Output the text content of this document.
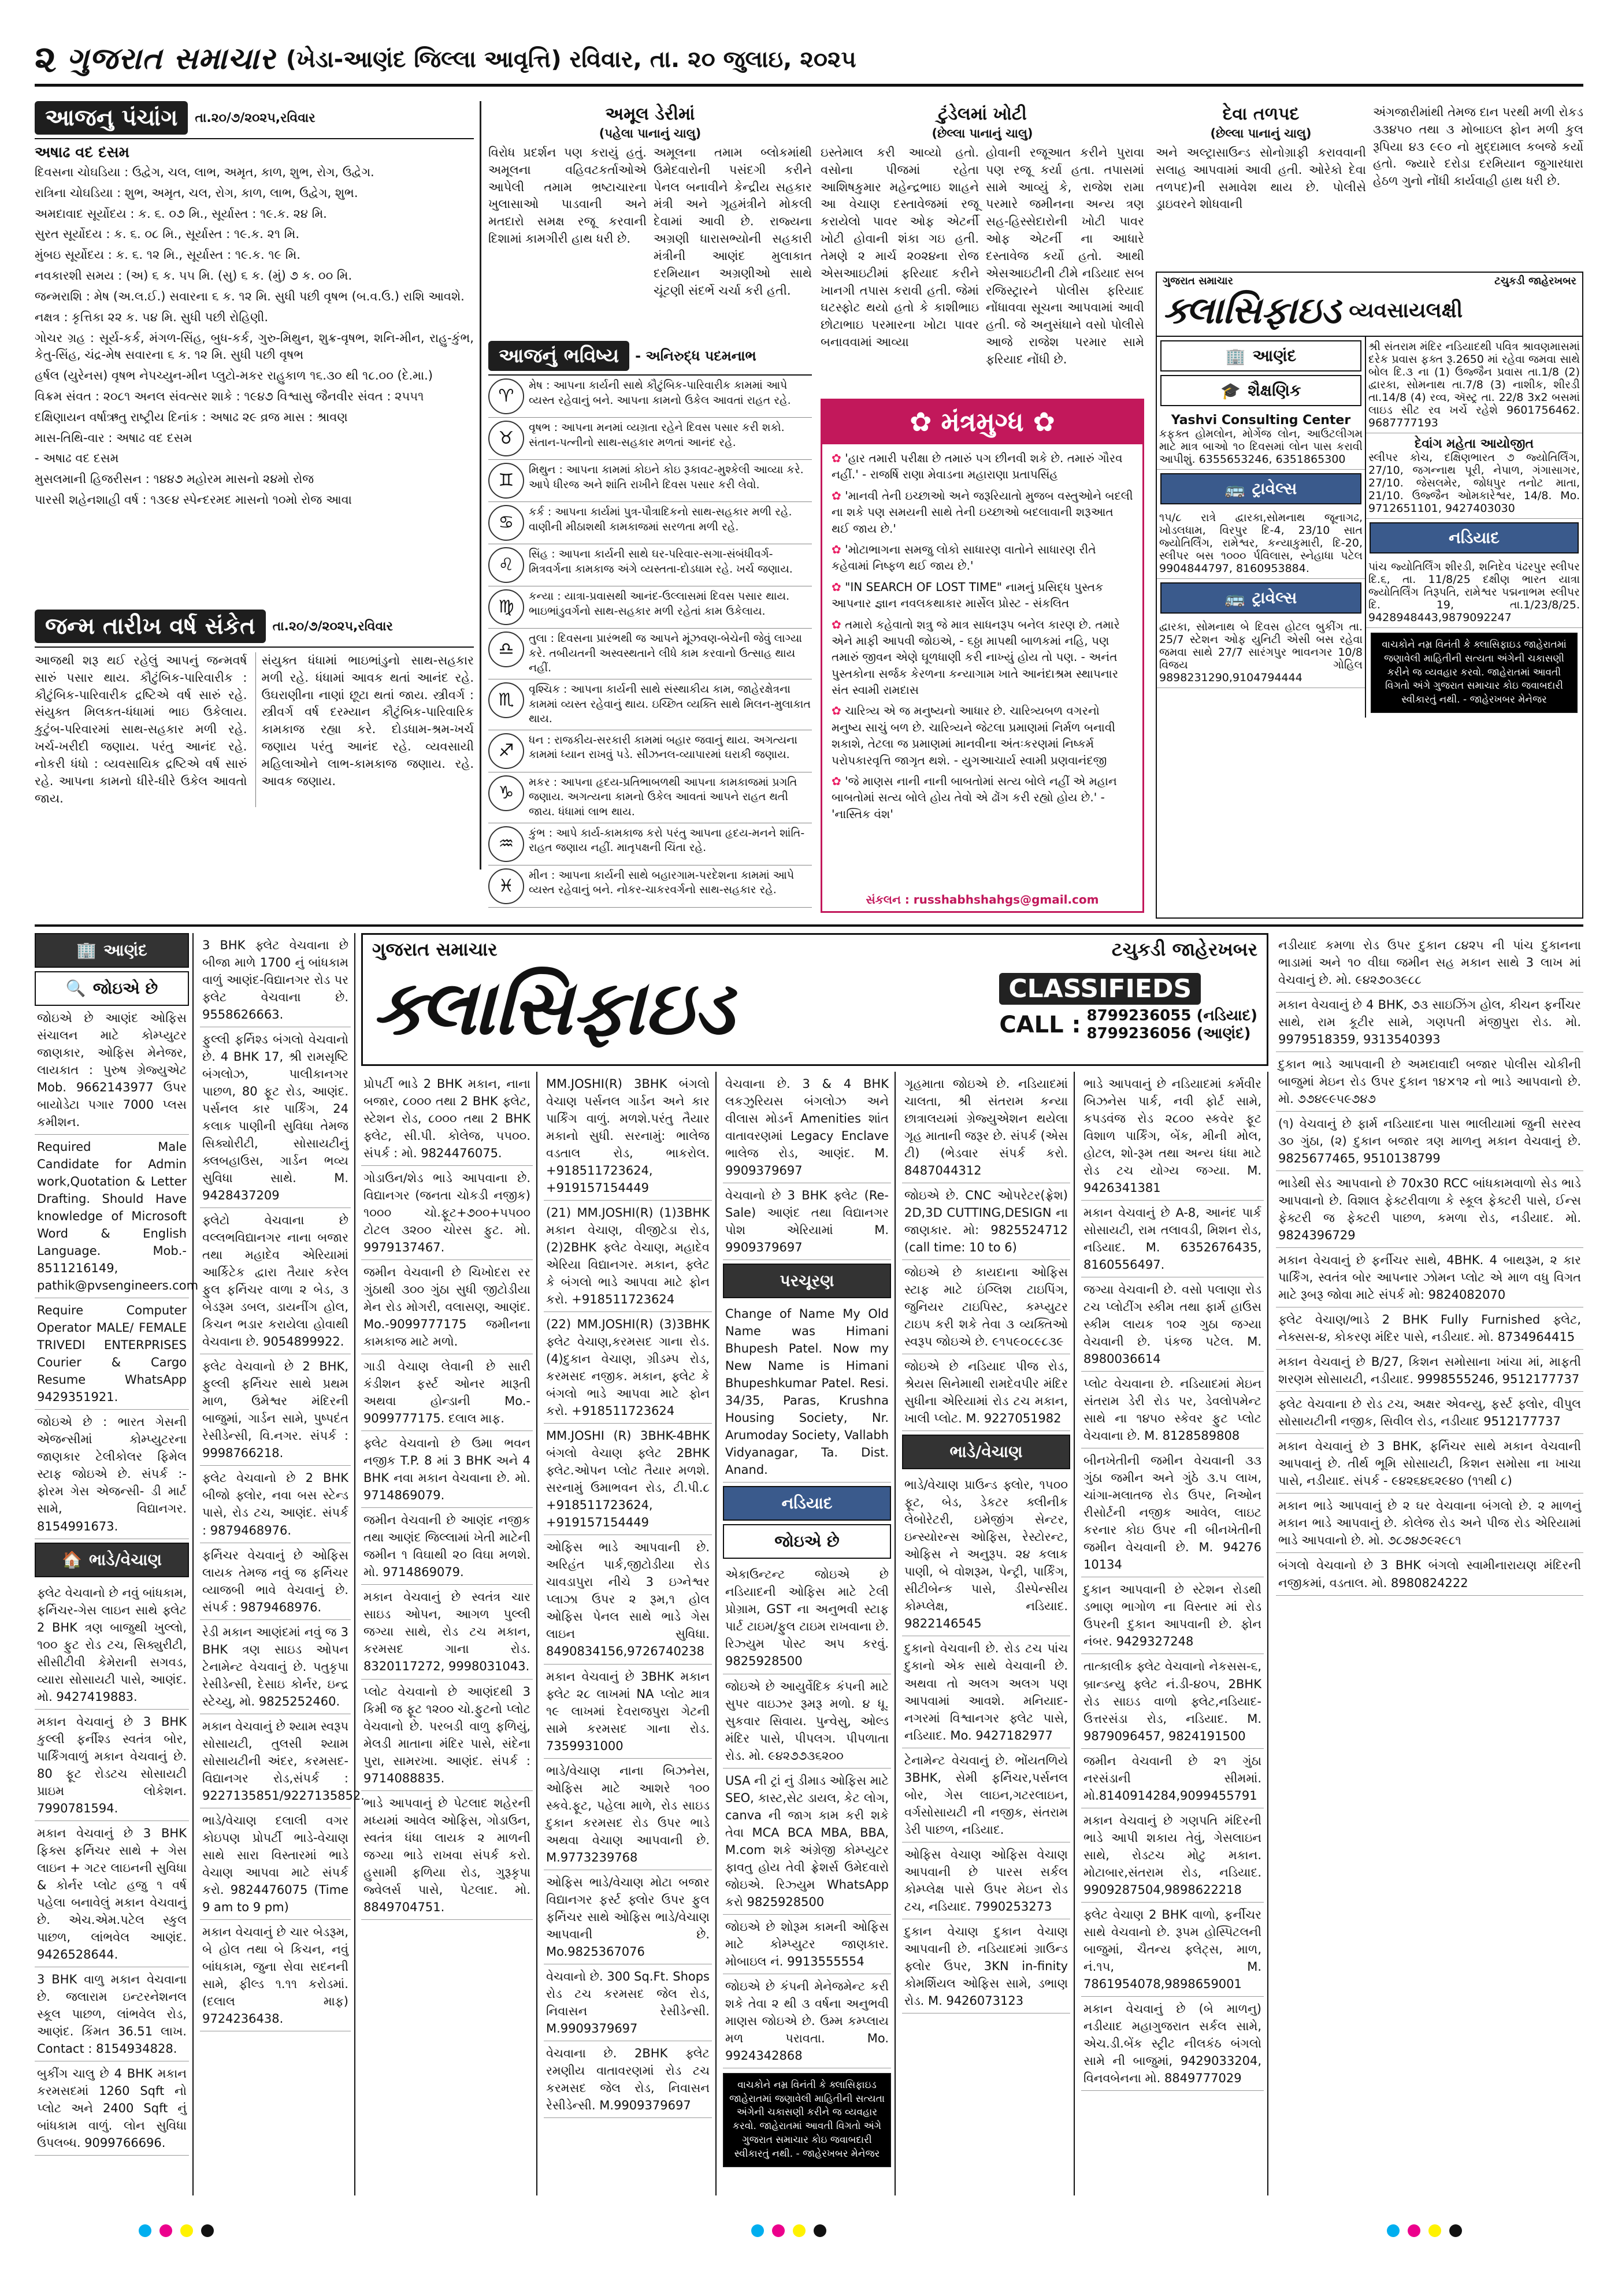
૨ ગુજરાત સમાચાર (ખેડા-આણંદ જિલ્લા આવૃત્તિ) રવિવાર, તા. ૨૦ જુલાઇ, ૨૦૨૫
આજનુ પંચાંગ	તા.૨૦/૭/૨૦૨૫,રવિવાર
અષાઢ વદ દસમ

દિવસના ચોઘડિયા : ઉદ્વેગ, ચલ, લાભ, અમૃત, કાળ, શુભ, રોગ, ઉદ્વેગ.

રાત્રિના ચોઘડિયા : શુભ, અમૃત, ચલ, રોગ, કાળ, લાભ, ઉદ્વેગ, શુભ.

અમદાવાદ સૂર્યોદય : ક. ૬. ૦૭ મિ., સૂર્યાસ્ત : ૧૯.ક. ૨૪ મિ.

સુરત સૂર્યોદય : ક. ૬. ૦૮ મિ., સૂર્યાસ્ત : ૧૯.ક. ૨૧ મિ.

મુંબઇ સૂર્યોદય : ક. ૬. ૧૨ મિ., સૂર્યાસ્ત : ૧૯.ક. ૧૯ મિ.

નવકારશી સમય : (અ) ૬ ક. ૫૫ મિ. (સુ) ૬ ક. (મું) ૭ ક. ૦૦ મિ.

જન્મરાશિ : મેષ (અ.લ.ઈ.) સવારના ૬ ક. ૧૨ મિ. સુધી પછી વૃષભ (બ.વ.ઉ.) રાશિ આવશે.

નક્ષત્ર : કૃત્તિકા ૨૨ ક. ૫૪ મિ. સુધી પછી રોહિણી.

ગોચર ગ્રહ : સૂર્ય-કર્ક, મંગળ-સિંહ, બુધ-કર્ક, ગુરુ-મિથુન, શુક્ર-વૃષભ, શનિ-મીન, રાહુ-કુંભ, કેતુ-સિંહ, ચંદ્ર-મેષ સવારના ૬ ક. ૧૨ મિ. સુધી પછી વૃષભ

હર્ષલ (યુરેનસ) વૃષભ નેપચ્યુન-મીન પ્લુટો-મકર રાહુકાળ ૧૬.૩૦ થી ૧૮.૦૦ (દે.મા.)

વિક્રમ સંવત : ૨૦૮૧ અનલ સંવત્સર શાકે : ૧૯૪૭ વિશ્વાસુ જૈનવીર સંવત : ૨૫૫૧

દક્ષિણાયન વર્ષાઋતુ રાષ્ટ્રીય દિનાંક : અષાઢ ૨૯ વ્રજ માસ : શ્રાવણ

માસ-તિથિ-વાર : અષાઢ વદ દસમ

- અષાઢ વદ દસમ

મુસલમાની હિજરીસન : ૧૪૪૭ મહોરમ માસનો ૨૪મો રોજ

પારસી શહેનશાહી વર્ષ : ૧૩૯૪ સ્પેન્દરમદ માસનો ૧૦મો રોજ આવા

જન્મ તારીખ વર્ષ સંકેત	તા.૨૦/૭/૨૦૨૫,રવિવાર
આજથી શરૂ થઈ રહેલું આપનું જન્મવર્ષ સારું પસાર થાય. કૌટુંબિક-પારિવારીક : કૌટુંબિક-પારિવારીક દ્રષ્ટિએ વર્ષ સારું રહે. સંયુક્ત મિલકત-ધંધામાં ભાઇ ઉકેલાય. કુટુંબ-પરિવારમાં સાથ-સહકાર મળી રહે. ખર્ચ-ખરીદી જણાય. પરંતુ આનંદ રહે. નોકરી ધંધો : વ્યવસાયિક દ્રષ્ટિએ વર્ષ સારું રહે. આપના કામનો ધીરે-ધીરે ઉકેલ આવતો જાય.
સંયુક્ત ધંધામાં ભાઇભાંડુનો સાથ-સહકાર મળી રહે. ધંધામાં આવક થતાં આનંદ રહે. ઉઘરાણીના નાણાં છૂટા થતાં જાય. સ્ત્રીવર્ગ : સ્ત્રીવર્ગ વર્ષ દરમ્યાન કૌટુંબિક-પારિવારિક કામકાજ રહ્યા કરે. દોડધામ-શ્રમ-ખર્ચ જણાય પરંતુ આનંદ રહે. વ્યવસાયી મહિલાઓને લાભ-કામકાજ જણાય. રહે. આવક જણાય.
અમૂલ ડેરીમાં
(પહેલા પાનાનું ચાલુ)
વિરોધ પ્રદર્શન પણ કરાયું હતું. અમૂલના વહિવટકર્તાઓએ આપેલી તમામ ભ્રષ્ટાચારના ખુલાસાઓ પાડવાની અને મતદારો સમક્ષ રજૂ કરવાની દિશામાં કામગીરી હાથ ધરી છે.
અમૂલના તમામ બ્લોકમાંથી ઉમેદવારોની પસંદગી કરીને પેનલ બનાવીને કેન્દ્રીય સહકાર મંત્રી અને ગૃહમંત્રીને મોકલી દેવામાં આવી છે. રાજ્યના અગ્રણી ધારાસભ્યોની સહકારી મંત્રીની આણંદ મુલાકાત દરમિયાન અગ્રણીઓ સાથે ચૂંટણી સંદર્ભે ચર્ચા કરી હતી.
ટુંડેલમાં ખોટી
(છેલ્લા પાનાનું ચાલુ)
ઇસ્તેમાલ કરી આવ્યો હતો. વસોના પીજમાં રહેતા આશિષકુમાર મહેન્દ્રભાઇ શાહને આ વેચાણ દસ્તાવેજમાં રજૂ કરાયેલો પાવર ઓફ એટર્ની ખોટી હોવાની શંકા ગઇ હતી. તેમણે ૨ માર્ચ ૨૦૨૪ના રોજ એસઆઇટીમાં ફરિયાદ કરીને ખાનગી તપાસ કરાવી હતી. જેમાં ઘટસ્ફોટ થયો હતો કે કાશીભાઇ છોટાભાઇ પરમારના ખોટા પાવર બનાવવામાં આવ્યા
હોવાની રજૂઆત કરીને પુરાવા પણ રજૂ કર્યા હતા. તપાસમાં સામે આવ્યું કે, રાજેશ રામા પરમારે જમીનના અન્ય ત્રણ સહ-હિસ્સેદારોની ખોટી પાવર ઓફ એટર્ની ના આધારે દસ્તાવેજ કર્યો હતો. આથી એસઆઇટીની ટીમે નડિયાદ સબ રજિસ્ટ્રારને પોલીસ ફરિયાદ નોંધાવવા સૂચના આપવામાં આવી હતી. જે અનુસંધાને વસો પોલીસે આજે રાજેશ પરમાર સામે ફરિયાદ નોંધી છે.
દેવા તળપદ
(છેલ્લા પાનાનું ચાલુ)
અને અલ્ટ્રાસાઉન્ડ સોનોગ્રાફી કરાવવાની સલાહ આપવામાં આવી હતી. ઓરેકો દેવા તળપદ)ની સમાવેશ થાય છે. પોલીસે ડ્રાઇવરને શોધવાની
અંગજારીમાંથી તેમજ દાન પરથી મળી રોકડ ૩૩૪૫૦ તથા ૩ મોબાઇલ ફોન મળી કુલ રૂપિયા ૪૩ ૯૯૦ નો મુદ્દામાલ કબજે કર્યો હતો. જ્યારે દરોડા દરમિયાન જુગારધારા હેઠળ ગુનો નોંધી કાર્યવાહી હાથ ધરી છે.
આજનું ભવિષ્ય	- અનિરુદ્ધ પદમનાભ
♈
મેષ : આપના કાર્યની સાથે કૌટુંબિક-પારિવારીક કામમાં આપે વ્યસ્ત રહેવાનું બને. આપના કામનો ઉકેલ આવતાં રાહત રહે.
♉
વૃષભ : આપના મનમાં વ્યગ્રતા રહેને દિવસ પસાર કરી શકો. સંતાન-પત્નીનો સાથ-સહકાર મળતાં આનંદ રહે.
♊
મિથુન : આપના કામમાં કોઇને કોઇ રૂકાવટ-મુશ્કેલી આવ્યા કરે. આપે ધીરજ અને શાંતિ રાખીને દિવસ પસાર કરી લેવો.
♋
કર્ક : આપના કાર્યમાં પુત્ર-પૌત્રાદિકનો સાથ-સહકાર મળી રહે. વાણીની મીઠાશથી કામકાજમાં સરળતા મળી રહે.
♌
સિંહ : આપના કાર્યની સાથે ઘર-પરિવાર-સગા-સંબંધીવર્ગ-મિત્રવર્ગના કામકાજ અંગે વ્યસ્તતા-દોડધામ રહે. ખર્ચ જણાય.
♍
કન્યા : યાત્રા-પ્રવાસથી આનંદ-ઉલ્લાસમાં દિવસ પસાર થાય. ભાઇભાંડુવર્ગનો સાથ-સહકાર મળી રહેતાં કામ ઉકેલાય.
♎
તુલા : દિવસના પ્રારંભથી જ આપને મૂંઝવણ-બેચેની જેવું લાગ્યા કરે. તબીયતની અસ્વસ્થતાને લીધે કામ કરવાનો ઉત્સાહ થાય નહીં.
♏
વૃશ્ચિક : આપના કાર્યની સાથે સંસ્થાકીય કામ, જાહેરક્ષેત્રના કામમાં વ્યસ્ત રહેવાનું થાય. ઇચ્છિત વ્યક્તિ સાથે મિલન-મુલાકાત થાય.
♐
ધન : રાજકીય-સરકારી કામમાં બહાર જવાનું થાય. અગત્યના કામમાં ધ્યાન રાખવું પડે. સીઝનલ-વ્યાપારમાં ઘરાકી જણાય.
♑
મકર : આપના હૃદય-પ્રતિભાબળથી આપના કામકાજમાં પ્રગતિ જણાય. અગત્યના કામનો ઉકેલ આવતાં આપને રાહત થતી જાય. ધંધામાં લાભ થાય.
♒
કુંભ : આપે કાર્ય-કામકાજ કરો પરંતુ આપના હૃદય-મનને શાંતિ-રાહત જણાય નહીં. માતૃપક્ષની ચિંતા રહે.
♓
મીન : આપના કાર્યની સાથે બહારગામ-પરદેશના કામમાં આપે વ્યસ્ત રહેવાનું બને. નોકર-ચાકરવર્ગનો સાથ-સહકાર રહે.
✿ મંત્રમુગ્ધ ✿

✿ 'હાર તમારી પરીક્ષા છે તમારું પગ છીનવી શકે છે. તમારું ગૌરવ નહીં.' - રાજર્ષિ રાણા મેવાડના મહારાણા પ્રતાપસિંહ

✿ 'માનવી તેની ઇચ્છાઓ અને જરૂરિયાતો મુજબ વસ્તુઓને બદલી ના શકે પણ સમયની સાથે તેની ઇચ્છાઓ બદલાવાની શરૂઆત થઈ જાય છે.'

✿ 'મોટાભાગના સમજુ લોકો સાધારણ વાતોને સાધારણ રીતે કહેવામાં નિષ્ફળ થઈ જાય છે.'

✿ "IN SEARCH OF LOST TIME" નામનું પ્રસિદ્ધ પુસ્તક આપનાર જ્ઞાન નવલકથાકાર માર્સેલ પ્રોસ્ટ - સંકલિત

✿ તમારો કહેવાતો શત્રુ જે માત્ર સાધનરૂપ બનેલ કારણ છે. તમારે એને માફી આપવી જોઇએ, - ૬ઠ્ઠા માપથી બાળકમાં નહિ, પણ તમારું જીવન એણે ઘૂળધાણી કરી નાખ્યું હોય તો પણ. - અનંત પુસ્તકોના સર્જક કેરળના કન્યાગામ ખાતે આનંદાશ્રમ સ્થાપનાર સંત સ્વામી રામદાસ

✿ ચારિત્ર્ય એ જ મનુષ્યનો આધાર છે. ચારિત્ર્યબળ વગરનો મનુષ્ય સાચું બળ છે. ચારિત્ર્યને જેટલા પ્રમાણમાં નિર્મળ બનાવી શકાશે, તેટલા જ પ્રમાણમાં માનવીના અંતઃકરણમાં નિષ્કર્મ પરોપકારવૃત્તિ જાગૃત થશે. - યુગઆચાર્ય સ્વામી પ્રણવાનંદજી

✿ 'જે માણસ નાની નાની બાબતોમાં સત્ય બોલે નહીં એ મહાન બાબતોમાં સત્ય બોલે હોય તેવો એ ઢોંગ કરી રહ્યો હોય છે.' - 'નાસ્તિક વંશ'

સંકલન : russhabhshahgs@gmail.com
ગુજરાત સમાચાર	ટચુકડી જાહેરખબર
ક્લાસિફાઇડ વ્યવસાયલક્ષી
🏢 આણંદ
🎓 શૈક્ષણિક
Yashvi Consulting Center
કફક્ત હોમલોન, મોર્ગેજ લોન, આઉટલીગમ માટે માત્ર બાઓ ૧૦ દિવસમાં લોન પાસ કરાવી આપીશું. 6355653246, 6351865300
🚌 ટ્રાવેલ્સ
૧૫/૮ રાત્રે દ્વારકા,સોમનાથ જૂનાગઢ, ખોડલધામ, વિરપુર દિ-4, 23/10 સાત જ્યોતિર્લિંગ, રામેશ્વર, કન્યાકુમારી, દિ-20, સ્લીપર બસ ૧૦૦૦ ર્પવિલાસ, સ્નેહાધા પટેલ 9904844797, 8160953884.
🚌 ટ્રાવેલ્સ
દ્વારકા, સોમનાથ બે દિવસ હોટલ બુકીંગ તા. 25/7 સ્ટેશન ઓફ યુનિટી એસી બસ રહેવા જમવા સાથે 27/7 સારંગપુર ભાવનગર 10/8 વિજય ગોહિલ 9898231290,9104794444
શ્રી સંતરામ મંદિર નડિયાદથી પવિત્ર શ્રાવણમાસમાં દરેક પ્રવાસ ફક્ત રૂ.2650 માં રહેવા જમવા સાથે બોલ દિ.૩ ના (1) ઉજ્જૈન પ્રવાસ તા.1/8 (2) દ્વારકા, સોમનાથ તા.7/8 (3) નાશીક, શીરડી તા.14/8 (4) રવ્વ, ઍસ્ટ્ર તા. 22/8 3x2 બસમાં લાઇડ સીટ રવ ખર્ચે રહેશે 9601756462. 9687777193
દેવાંગ મહેતા આયોજીત
સ્લીપર કોચ, દક્ષિણભારત ૭ જ્યોતિર્લિંગ, 27/10, જગન્નાથ પૂરી, નેપાળ, ગંગાસાગર, 27/10. જેસલમેર, જોધપુર તનોટ માતા, 21/10. ઉજ્જૈન ઓમકારેશ્વર, 14/8. Mo. 9712651101, 9427403030
નડિયાદ
પાંચ જ્યોતિર્લિંગ શીરડી, શનિદેવ પંઢરપુર સ્લીપર દિ.૬, તા. 11/8/25 દક્ષીણ ભારત યાત્રા જ્યોતિર્લિંગ તિરૂપતિ, રામેશ્વર પદ્મનાભમ સ્લીપર દિ. 19, તા.1/23/8/25. 9428948443,9879092247
વાચકોને નમ્ર વિનંતી કે ક્લાસિફાઇડ જાહેરાતમાં જણાવેલી માહિતીની સત્યતા અંગેની ચકાસણી કરીને જ વ્યવહાર કરવો. જાહેરાતમાં આવતી વિગતો અંગે ગુજરાત સમાચાર કોઇ જવાબદારી સ્વીકારતું નથી. - જાહેરખબર મેનેજર
🏢 આણંદ
🔍 જોઇએ છે
જોઇએ છે આણંદ ઓફિસ સંચાલન માટે કોમ્પ્યુટર જાણકાર, ઓફિસ મેનેજર, લાયકાત : પુરુષ ગ્રેજ્યુએટ Mob. 9662143977 ઉપર બાયોડેટા પગાર 7000 પ્લસ કમીશન.
Required Male Candidate for Admin work,Quotation & Letter Drafting. Should Have knowledge of Microsoft Word & English Language. Mob.- 8511216149, pathik@pvsengineers.com
Require Computer Operator MALE/ FEMALE TRIVEDI ENTERPRISES Courier & Cargo Resume WhatsApp 9429351921.
જોઇએ છે : ભારત ગેસની એજન્સીમાં કોમ્પ્યુટરના જાણકાર ટેલીકોલર ફિમેલ સ્ટાફ જોઇએ છે. સંપર્ક :- ફોરમ ગેસ એજન્સી- ડી માર્ટ સામે, વિદ્યાનગર. 8154991673.
🏠 ભાડે/વેચાણ
ફ્લેટ વેચવાનો છે નવું બાંધકામ, ફર્નિચર-ગેસ લાઇન સાથે ફ્લેટ 2 BHK ત્રણ બાજુથી ખુલ્લો, ૧૦૦ ફુટ રોડ ટચ, સિક્યુરીટી, સીસીટીવી કેમેરાની સગવડ, વ્યારા સોસાયટી પાસે, આણંદ. મો. 9427419883.
મકાન વેચવાનું છે 3 BHK કુલ્લી ફર્નીશ્ડ સ્વતંત્ર બોર, પાર્કિંગવાળું મકાન વેચવાનું છે. 80 ફૂટ રોડટચ સોસાયટી પ્રાઇમ લોકેશન. 7990781594.
મકાન વેચવાનું છે 3 BHK ફિક્સ ફર્નિચર સાથે + ગેસ લાઇન + ગટર લાઇનની સુવિધા & કોર્નર પ્લોટ હજુ ૧ વર્ષ પહેલા બનાવેલું મકાન વેચવાનું છે. એચ.એમ.પટેલ સ્કુલ પાછળ, લાંભવેલ આણંદ. 9426528644.
3 BHK વાળુ મકાન વેચવાના છે. જલારામ ઇન્ટરનેશનલ સ્કૂલ પાછળ, લાંભવેલ રોડ, આણંદ. કિંમત 36.51 લાખ. Contact : 8154934828.
બુકીંગ ચાલુ છે 4 BHK મકાન કરમસદમાં 1260 Sqft નો પ્લોટ અને 2400 Sqft નું બાંધકામ વાળું. લોન સુવિધા ઉપલબ્ધ. 9099766696.
3 BHK ફ્લેટ વેચવાના છે બીજા માળે 1700 નું બાંધકામ વાળું આણંદ-વિદ્યાનગર રોડ પર ફ્લેટ વેચવાના છે. 9558626663.
ફુલ્લી ફર્નિશ્ડ બંગલો વેચવાનો છે. 4 BHK 17, શ્રી રામસૃષ્ટિ બંગલોઝ, પાલીકાનગર પાછળ, 80 ફૂટ રોડ, આણંદ. પર્સનલ કાર પાર્કિંગ, 24 કલાક પાણીની સુવિધા તેમજ સિક્યોરીટી, સોસાયટીનું ક્લબહાઉસ, ગાર્ડન ભવ્ય સુવિધા સાથે. M. 9428437209
ફ્લેટો વેચવાના છે વલ્લભવિદ્યાનગર નાના બજાર તથા મહાદેવ એરિયામાં આર્કિટેક દ્વારા તૈયાર કરેલ ફુલ ફર્નિચર વાળા ૨ બેડ, ૩ બેડરૂમ ડબલ, ડાયનીંગ હોલ, કિચન ભડાર કરાયેલા હોવાથી વેચવાના છે. 9054899922.
ફ્લેટ વેચવાનો છે 2 BHK, ફુલ્લી ફર્નિચર સાથે પ્રથમ માળ, ઉમેશ્વર મંદિરની બાજુમાં, ગાર્ડન સામે, પુષ્પદંત રેસીડેન્સી, વિ.નગર. સંપર્ક : 9998766218.
ફ્લેટ વેચવાનો છે 2 BHK બીજો ફ્લોર, નવા બસ સ્ટેન્ડ પાસે, રોડ ટચ, આણંદ. સંપર્ક : 9879468976.
ફર્નિચર વેચવાનું છે ઓફિસ લાયક તેમજ નવું જ ફર્નિચર વ્યાજબી ભાવે વેચવાનું છે. સંપર્ક : 9879468976.
રેડી મકાન આણંદમાં નવું જ 3 BHK ત્રણ સાઇડ ઓપન ટેનામેન્ટ વેચવાનું છે. પતુકૃપા રેસીડેન્સી, દેસાઇ કોર્નર, ઇન્દ્ર સ્ટેચ્યુ, મો. 9825252460.
મકાન વેચવાનું છે શ્યામ સ્વરૂપ સોસાયટી, તુલસી શ્યામ સોસાયટીની અંદર, કરમસદ-વિદ્યાનગર રોડ,સંપર્ક : 9227135851/9227135852.
ભાડે/વેચાણ દલાલી વગર કોઇપણ પ્રોપર્ટી ભાડે-વેચાણ સાથે સારા વિસ્તારમાં ભાડે વેચાણ આપવા માટે સંપર્ક કરો. 9824476075 (Time 9 am to 9 pm)
મકાન વેચવાનું છે ચાર બેડરૂમ, બે હોલ તથા બે કિચન, નવું બાંધકામ, જુના સેવા સદનની સામે, ફીલ્ડ ૧.૧૧ કરોડમાં. (દલાલ માફ) 9724236438.
ગુજરાત સમાચાર	ટચુકડી જાહેરખબર
ક્લાસિફાઇડ	CLASSIFIEDS
CALL : 8799236055 (નડિયાદ)
8799236056 (આણંદ)
પ્રોપર્ટી ભાડે 2 BHK મકાન, નાના બજાર, ૮૦૦૦ તથા 2 BHK ફ્લેટ, સ્ટેશન રોડ, ૮૦૦૦ તથા 2 BHK ફ્લેટ, સી.પી. કોલેજ, ૫૫૦૦. સંપર્ક : મો. 9824476075.
ગોડાઉન/શેડ ભાડે આપવાના છે. વિદ્યાનગર (જનતા ચોકડી નજીક) ૧૦૦૦ ચો.ફૂટ+૭૦૦+૫૫૦૦ ટોટલ ૩૨૦૦ ચોરસ ફુટ. મો. 9979137467.
જમીન વેચવાની છે ચિખોદરા રર ગુંઠાથી ૩૦૦ ગુંઠા સુધી જીટોડીયા મેન રોડ મોગરી, વલાસણ, આણંદ. Mo.-9099777175 જમીનના કામકાજ માટે મળો.
ગાડી વેચાણ લેવાની છે સારી કંડીશન ફર્સ્ટ ઓનર મારૂતી અથવા હોન્ડાની Mo.- 9099777175. દલાલ માફ.
ફ્લેટ વેચવાનો છે ઉમા ભવન નજીક T.P. 8 માં 3 BHK અને 4 BHK નવા મકાન વેચવાના છે. મો. 9714869079.
જમીન વેચવાની છે આણંદ નજીક તથા આણંદ જિલ્લામાં ખેતી માટેની જમીન ૧ વિઘાથી ૨૦ વિઘા મળશે. મો. 9714869079.
મકાન વેચવાનું છે સ્વતંત્ર ચાર સાઇડ ઓપન, આગળ પુલ્લી જગ્યા સાથે, રોડ ટચ મકાન, કરમસદ ગાના રોડ. 8320117272, 9998031043.
પ્લોટ વેચવાનો છે આણંદથી 3 કિમી જ ફૂટ ૧૨૦૦ ચો.ફુટનો પ્લોટ વેચવાનો છે. પરબડી વાળુ ફળિયું, મેલડી માતાના મંદિર પાસે, સંદેના પુરા, સામરખા. આણંદ. સંપર્ક : 9714088835.
ભાડે આપવાનું છે પેટલાદ શહેરની મધ્યમાં આવેલ ઓફિસ, ગોડાઉન, સ્વતંત્ર ધંધા લાયક ૨ માળની જગ્યા ભાડે રાખવા સંપર્ક કરો. હુસામી ફળિયા રોડ, ગુરૂકૃપા જ્વેલર્સ પાસે, પેટલાદ. મો. 8849704751.
MM.JOSHI(R) 3BHK બંગલો વેચાણ પર્સનલ ગાર્ડન અને કાર પાર્કિંગ વાળું. મળશે.પરંતુ તૈયાર મકાનો સુધી. સરનામું: ભાલેજ વડતાલ રોડ, ભાકરોલ. +918511723624, +919157154449
(21) MM.JOSHI(R) (1)3BHK મકાન વેચાણ, વીજીટેડા રોડ, (2)2BHK ફ્લેટ વેચાણ, મહાદેવ એરિયા વિદ્યાનગર. મકાન, ફ્લેટ કે બંગલો ભાડે આપવા માટે ફોન કરો. +918511723624
(22) MM.JOSHI(R) (3)3BHK ફ્લેટ વેચાણ,કરમસદ ગાના રોડ.(4)દુકાન વેચાણ, ગ્રીડમ્પ રોડ, કરમસદ નજીક. મકાન, ફ્લેટ કે બંગલો ભાડે આપવા માટે ફોન કરો. +918511723624
MM.JOSHI (R) 3BHK-4BHK બંગલો વેચાણ ફ્લેટ 2BHK ફ્લેટ.ઓપન પ્લોટ તૈયાર મળશે. સરનામું ઉમાભવન રોડ, ટી.પી.૮ +918511723624, +919157154449
ઓફિસ ભાડે આપવાની છે. અરિહંત પાર્ક,જીટોડીયા રોડ ચાવડાપુરા નીચે 3 ઇગ્નેશ્વર પ્લાઝા ઉપર ૨ રૂમ,૧ હોલ ઓફિસ પેનલ સાથે ભાડે ગેસ લાઇન સુવિધા. 8490834156,9726740238
મકાન વેચવાનું છે 3BHK મકાન ફ્લેટ ૨૮ લાખમાં NA પ્લોટ માત્ર ૧૯ લાખમાં દેવરાજપુરા ગેટની સામે કરમસદ ગાના રોડ. 7359931000
ભાડે/વેચાણ નાના બિઝનેસ, ઓફિસ માટે આશરે ૧૦૦ સ્કવે.ફૂટ, પહેલા માળે, રોડ સાઇડ દુકાન કરમસદ રોડ ઉપર ભાડે અથવા વેચાણ આપવાની છે. M.9773239768
ઓફિસ ભાડે/વેચાણ મોટા બજાર વિદ્યાનગર ફર્સ્ટ ફ્લોર ઉપર ફુલ ફર્નિચર સાથે ઓફિસ ભાડે/વેચાણ આપવાની છે. Mo.9825367076
વેચવાનો છે. 300 Sq.Ft. Shops રોડ ટચ કરમસદ જેલ રોડ, નિવાસન રેસીડેન્સી. M.9909379697
વેચવાના છે. 2BHK ફ્લેટ રમણીય વાતાવરણમાં રોડ ટચ કરમસદ જેલ રોડ, નિવાસન રેસીડેન્સી. M.9909379697
વેચવાના છે. 3 & 4 BHK લકઝુરિયસ બંગલોઝ અને વીલાસ મોડર્ન Amenities શાંત વાતાવરણમાં Legacy Enclave ભાલેજ રોડ, આણંદ. M. 9909379697
વેચવાનો છે 3 BHK ફ્લેટ (Re-Sale) આણંદ તથા વિદ્યાનગર પોશ એરિયામાં M. 9909379697
પરચૂરણ
Change of Name My Old Name was Himani Bhupesh Patel. Now my New Name is Himani Bhupeshkumar Patel. Resi. 34/35, Paras, Krushna Housing Society, Nr. Arumoday Society, Vallabh Vidyanagar, Ta. Dist. Anand.
નડિયાદ
જોઇએ છે
એકાઉન્ટન્ટ જોઇએ છે નડિયાદની ઓફિસ માટે ટેલી પ્રોગ્રામ, GST ના અનુભવી સ્ટાફ પાર્ટ ટાઇમ/ફુલ ટાઇમ રાખવાના છે. રિઝ્યુમ પોસ્ટ અપ કરવું. 9825928500
જોઇએ છે આયુર્વેદિક કંપની માટે સુપર વાઇઝર રૂમરૂ મળો. ૪ ધૂ. સુકવાર સિવાય. પુન્વેસુ, ઓલ્ડ મંદિર પાસે, પીપલગ. પીપળાતા રોડ. મો. ૯૪૨૭૭૩૬૨૦૦
USA ની ટ્રાં નું ડીમાડ ઓફિસ માટે SEO, કાસ્ટ,સેટ ડાયલ, કેટ લોગ, canva ની જાગ કામ કરી શકે તેવા MCA BCA MBA, BBA, M.com શકે અંગ્રેજી કોમ્પ્યુટર ફાવતુ હોય તેવી ફ્રેશર્સ ઉમેદવારો જોઇએ. રિઝ્યુમ WhatsApp કરો 9825928500
જોઇએ છે શોરૂમ કામની ઓફિસ માટે કોમ્પ્યુટર જાણકાર. મોબાઇલ નં. 9913555554
જોઇએ છે કંપની મેનેજમેન્ટ કરી શકે તેવા ૨ થી ૩ વર્ષના અનુભવી માણસ જોઇએ છે. ઉમ્મ કમ્પ્લાય મળ પરાવતા. Mo. 9924342868
વાચકોને નમ્ર વિનંતી કે ક્લાસિફાઇડ જાહેરાતમાં જણાવેલી માહિતીની સત્યતા અંગેની ચકાસણી કરીને જ વ્યવહાર કરવો. જાહેરાતમાં આવતી વિગતો અંગે ગુજરાત સમાચાર કોઇ જવાબદારી સ્વીકારતું નથી. - જાહેરખબર મેનેજર
ગૃહમાતા જોઇએ છે. નડિયાદમાં ચાલતા, શ્રી સંતરામ કન્યા છાત્રાલયમાં ગ્રેજ્યુએશન થયેલા ગૃહ માતાની જરૂર છે. સંપર્ક (એસ ટી) (ભેડવાર સંપર્ક કરો. 8487044312
જોઇએ છે. CNC ઓપરેટર(ફ્રેશ) 2D,3D CUTTING,DESIGN ના જાણકાર. મો: 9825524712 (call time: 10 to 6)
જોઇએ છે કાયદાના ઓફિસ સ્ટાફ માટે ઇંગ્લિશ ટાઇપિંગ, જુનિયર ટાઇપિસ્ટ, કમ્પ્યુટર ટાઇપ કરી શકે તેવા ૩ વ્યક્તિઓ સ્વરૂપ જોઇએ છે. ૯૧૫૯૦૮૯૮૩૯
જોઇએ છે નડિયાદ પીજ રોડ, શ્રેયસ સિનેમાથી રામદેવપીર મંદિર સુધીના એરિયામાં રોડ ટચ મકાન, ખાલી પ્લોટ. M. 9227051982
ભાડે/વેચાણ
ભાડે/વેચાણ પ્રાઉન્ડ ફ્લોર, ૧૫૦૦ ફૂટ, બેડ, ડેકટર ક્લીનીક લેબોરેટરી, ઇમેજીંગ સેન્ટર, ઇન્સ્યોરન્સ ઓફિસ, રેસ્ટોરન્ટ, ઓફિસ ને અનુરૂપ. ૨૪ કલાક પાણી, બે વોશરૂમ, પેન્ટ્રી, પાર્કિંગ, સીટીબેન્ક પાસે, ડીસ્પેન્સીય કોમ્પ્લેક્ષ, નડિયાદ. 9822146545
દુકાનો વેચવાની છે. રોડ ટચ પાંચ દુકાનો એક સાથે વેચવાની છે. અથવા તો અલગ અલગ પણ આપવામાં આવશે. મનિયાદ-નગરમાં વિશ્વાનગર ફ્લેટ પાસે, નડિયાદ. Mo. 9427182977
ટેનામેન્ટ વેચવાનું છે. ભોંયતળિયે 3BHK, સેમી ફર્નિચર,પર્સનલ બોર, ગેસ લાઇન,ગટરલાઇન, વર્ગસોસાયટી ની નજીક, સંતરામ ડેરી પાછળ, નડિયાદ.
ઓફિસ વેચાણ ઓફિસ વેચાણ આપવાની છે પારસ સર્કલ કોમ્પ્લેક્ષ પાસે ઉપર મેઇન રોડ ટચ, નડિયાદ. 7990253273
દુકાન વેચાણ દુકાન વેચાણ આપવાની છે. નડિયાદમાં ગ્રાઉન્ડ ફ્લોર ઉપર, 3KN in-finity કોમર્શિયલ ઓફિસ સામે, ડભાણ રોડ. M. 9426073123
ભાડે આપવાનું છે નડિયાદમાં કર્મવીર બિઝનેસ પાર્ક, નવી ફોર્ટ સામે, કપડવંજ રોડ ૨૮૦૦ સ્કવેર ફૂટ વિશાળ પાર્કિંગ, બેંક, મીની મોલ, હોટલ, શો-રૂમ તથા અન્ય ધંધા માટે રોડ ટચ યોગ્ય જગ્યા. M. 9426341381
મકાન વેચવાનું છે A-8, આનંદ પાર્ક સોસાયટી, રામ તલાવડી, મિશન રોડ, નડિયાદ. M. 6352676435, 8160556497.
જગ્યા વેચવાની છે. વસો પલાણા રોડ ટચ પ્લોટીંગ સ્કીમ તથા ફાર્મ હાઉસ સ્કીમ લાયક ૧૦૨ ગુઠા જગ્યા વેચવાની છે. પંકજ પટેલ. M. 8980036614
પ્લોટ વેચવાના છે. નડિયાદમાં મેઇન સંતરામ ડેરી રોડ પર, ડેવલોપમેન્ટ સાથે ના ૧૪૫૦ સ્કેવર ફુટ પ્લોટ વેચવાના છે. M. 8128589808
બીનખેતીની જમીન વેચવાની ૩૩ ગુંઠા જમીન અને ગુંઠે ૩.૫ લાખ, ચાંગા-મલાતજ રોડ ઉપર, નિઓન રીસોર્ટની નજીક આવેલ, લાઇટ કરનાર કોઇ ઉપર ની બીનખેતીની જમીન વેચવાની છે. M. 94276 10134
દુકાન આપવાની છે સ્ટેશન રોડથી ડભાણ ભાગોળ ના વિસ્તાર માં રોડ ઉપરની દુકાન આપવાની છે. ફોન નંબર. 9429327248
તાત્કાલીક ફ્લેટ વેચવાનો નેકસસ-૬, બ્રાન્ડન્યુ ફ્લેટ નં.ડી-૪૦૫, 2BHK રોડ સાઇડ વાળો ફ્લેટ,નડિયાદ-ઉત્તરસંડા રોડ, નડિયાદ. M. 9879096457, 9824191500
જમીન વેચવાની છે ૨૧ ગુંઠા નરસંડાની સીમમાં. મો.8140914284,9099455791
મકાન વેચવાનું છે ગણપતિ મંદિરની ભાડે આપી શકાય તેવું, ગેસલાઇન સાથે, રોડટચ મોટુ મકાન. મોટાબાર,સંતરામ રોડ, નડિયાદ. 9909287504,9898622218
ફ્લેટ વેચાણ 2 BHK વાળો, ફર્નીચર સાથે વેચવાનો છે. રૂપમ હોસ્પિટલની બાજુમાં, ચૈતન્ય ફ્લેટ્સ, માળ, નં.૧૫, M. 7861954078,9898659001
મકાન વેચવાનું છે (બે માળનુ) નડીયાદ મહાગુજરાત સર્કલ સામે, એચ.ડી.બેંક સ્ટ્રીટ નીલકંઠ બંગલો સામે ની બાજુમાં, 9429033204, વિનવબેનના મો. 8849777029
નડીયાદ કમળા રોડ ઉપર દુકાન ૮૪૨૫ ની પાંચ દુકાનના ભાડામાં અને ૧૦ વીઘા જમીન સહ મકાન સાથે 3 લાખ માં વેચવાનું છે. મો. ૯૪૨૭૦૩૯૮૮
મકાન વેચવાનું છે 4 BHK, ૭૩ સાઇઝિંગ હોલ, કીચન ફર્નીચર સાથે, રામ કૂટીર સામે, ગણપતી મંજીપુરા રોડ. મો. 9979518359, 9313540393
દુકાન ભાડે આપવાની છે અમદાવાદી બજાર પોલીસ ચોકીની બાજુમાં મેઇન રોડ ઉપર દુકાન ૧૪×૧૨ નો ભાડે આપવાનો છે. મો. ૭૭૪૯૯૫૯૭૪૭
(૧) વેચવાનું છે ફાર્મ નડિયાદના પાસ ભાલીયામાં જુની સરસ્વ ૩૦ ગુંઠા, (૨) દુકાન બજાર ત્રણ માળનુ મકાન વેચવાનું છે. 9825677465, 9510138799
ભાડેથી સેડ આપવાનો છે 70x30 RCC બાંધકામવાળો સેડ ભાડે આપવાનો છે. વિશાલ ફેક્ટરીવાળા કે સ્કૂલ ફેક્ટરી પાસે, ઈન્સ ફેક્ટરી જ ફેક્ટરી પાછળ, કમળા રોડ, નડીયાદ. મો. 9824396729
મકાન વેચવાનું છે ફર્નીચર સાથે, 4BHK. 4 બાથરૂમ, ૨ કાર પાર્કિંગ, સ્વતંત્ર બોર આપનાર ઝોમન પ્લોટ એ માળ વધુ વિગત માટે રૂબરૂ જોવા માટે સંપર્ક મો: 9824082070
ફ્લેટ વેચાણ/ભાડે 2 BHK Fully Furnished ફ્લેટ, નેક્સસ-૪, કોકરણ મંદિર પાસે, નડીયાદ. મો. 8734964415
મકાન વેચવાનું છે B/27, કિશન સમોસાના ખાંચા માં, માફતી શરણમ સોસાયટી, નડીયાદ. 9998555246, 9512177737
ફ્લેટ વેચવાના છે રોડ ટચ, અક્ષર એવન્યુ, ફર્સ્ટ ફ્લોર, વીપુલ સોસાયટીની નજીક, સિવીલ રોડ, નડીયાદ 9512177737
મકાન વેચવાનું છે 3 BHK, ફર્નિચર સાથે મકાન વેચવાની આપવાનું છે. તીર્થ ભૂમિ સોસાયટી, કિશન સમોસા ના ખાચા પાસે, નડીયાદ. સંપર્ક - ૯૪૨૬૪૬૨૯૪૦ (૧૧થી ૮)
મકાન ભાડે આપવાનું છે ૨ ઘર વેચવાના બંગલો છે. ૨ માળનું મકાન ભાડે આપવાનું છે. કોલેજ રોડ અને પીજ રોડ એરિયામાં ભાડે આપવાનો છે. મો. ૭૮૭૪૭૯૨૯૮૧
બંગલો વેચવાનો છે 3 BHK બંગલો સ્વામીનારાયણ મંદિરની નજીકમાં, વડતાલ. મો. 8980824222
